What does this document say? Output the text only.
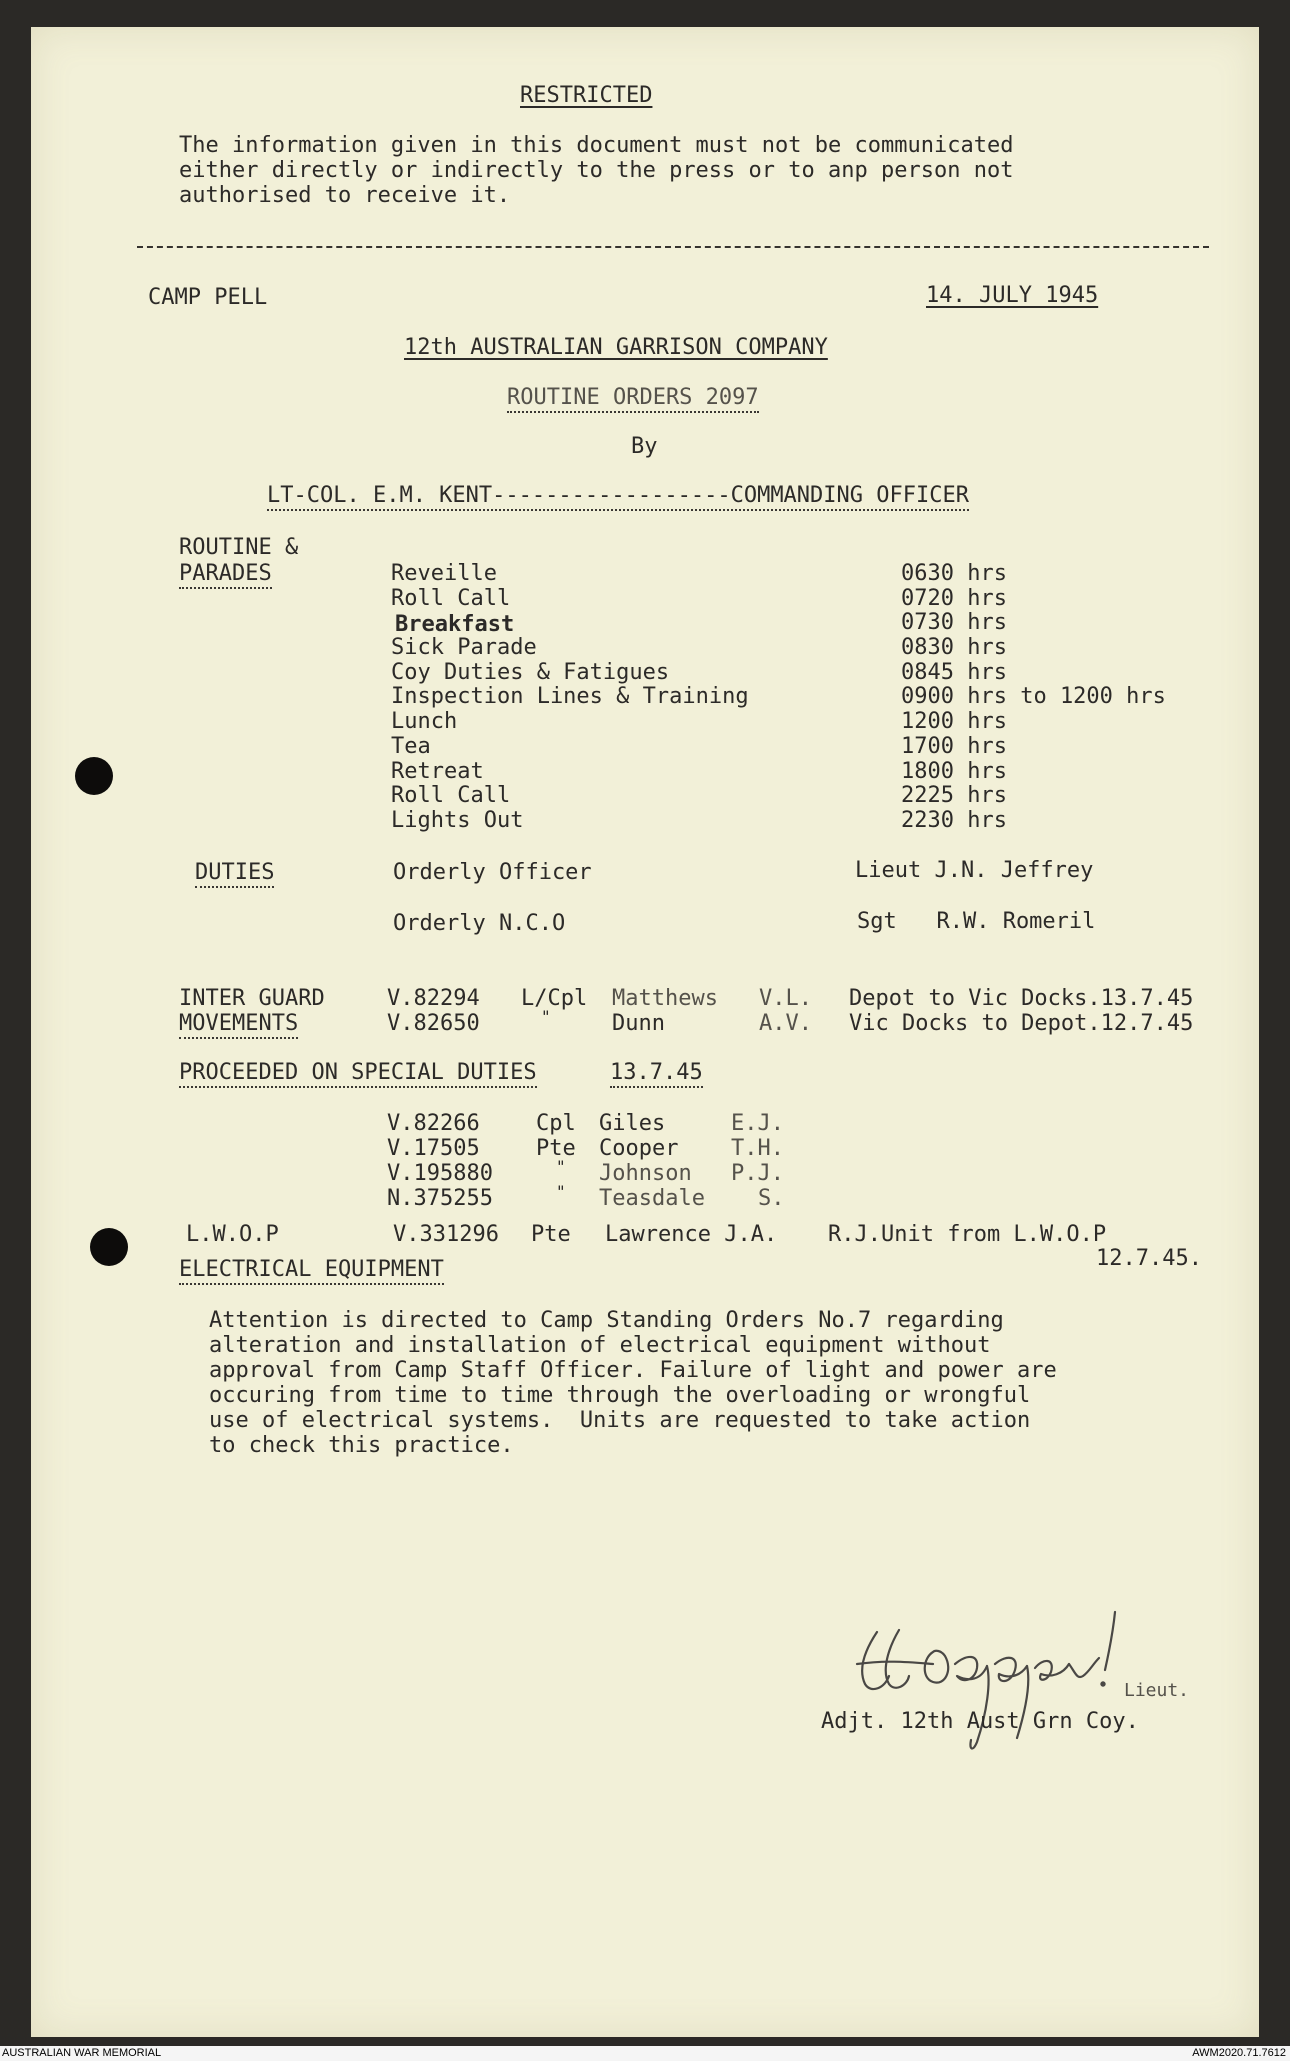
RESTRICTED
The information given in this document must not be communicated
either directly or indirectly to the press or to anp person not
authorised to receive it.
CAMP PELL	14. JULY 1945
12th AUSTRALIAN GARRISON COMPANY
ROUTINE ORDERS 2097
By
LT-COL. E.M. KENT------------------COMMANDING OFFICER
ROUTINE &
PARADES	Reveille	0630 hrs
Roll Call	0720 hrs
Breakfast	0730 hrs
Sick Parade	0830 hrs
Coy Duties & Fatigues	0845 hrs
Inspection Lines & Training	0900 hrs to 1200 hrs
Lunch	1200 hrs
Tea	1700 hrs
Retreat	1800 hrs
Roll Call	2225 hrs
Lights Out	2230 hrs
DUTIES	Orderly Officer	Lieut J.N. Jeffrey
Orderly N.C.O	Sgt   R.W. Romeril
INTER GUARD
MOVEMENTS
V.82294 L/Cpl Matthews V.L. Depot to Vic Docks.13.7.45
V.82650	"	Dunn	A.V. Vic Docks to Depot.12.7.45
PROCEEDED ON SPECIAL DUTIES	13.7.45
V.82266	Cpl Giles	E.J.
V.17505	Pte Cooper T.H.
V.195880	" Johnson P.J.
N.375255	" Teasdale S.
L.W.O.P	V.331296 Pte Lawrence J.A. R.J.Unit from L.W.O.P
12.7.45.
ELECTRICAL EQUIPMENT
Attention is directed to Camp Standing Orders No.7 regarding
alteration and installation of electrical equipment without
approval from Camp Staff Officer. Failure of light and power are
occuring from time to time through the overloading or wrongful
use of electrical systems.  Units are requested to take action
to check this practice.
Lieut.
Adjt. 12th Aust Grn Coy.
AUSTRALIAN WAR MEMORIAL	AWM2020.71.7612
